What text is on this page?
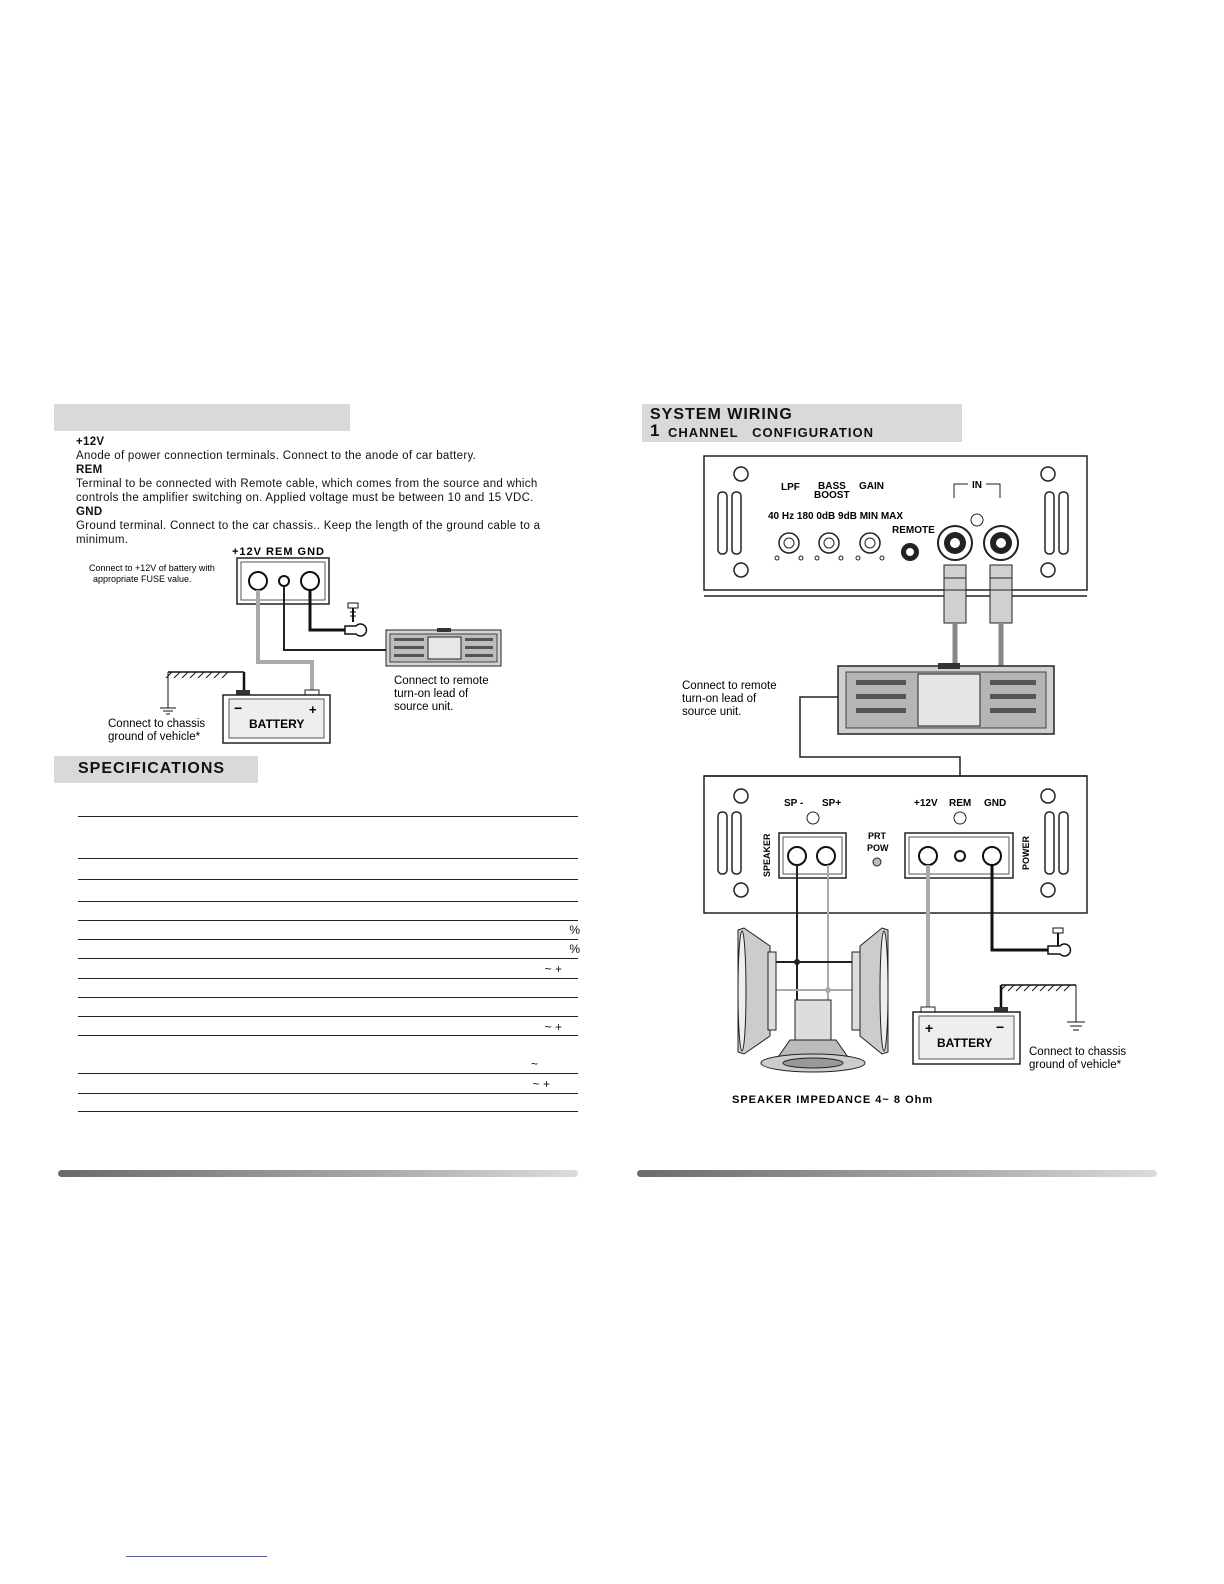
+12V
Anode of power connection terminals. Connect to the anode of car battery.
REM
Terminal to be connected with Remote cable, which comes from the source and which controls the amplifier switching on. Applied voltage must be between 10 and 15 VDC.
GND
Ground terminal. Connect to the car chassis.. Keep the length of the ground cable to a minimum.
+12V REM GND
Connect to +12V of battery with
appropriate FUSE value.
Connect to remote
turn-on lead of
source unit.
−	+
BATTERY
Connect to chassis
ground of vehicle*
SPECIFICATIONS
%
%
~ +
~ +
~
~ +
SYSTEM WIRING
1 CHANNEL   CONFIGURATION
LPF BASS
BOOST
GAIN
40 Hz 180 0dB 9dB MIN MAX
REMOTE
IN
Connect to remote
turn-on lead of
source unit.
SP - SP+	+12V REM GND
SPEAKER	PRT
POW	POWER
+	−
BATTERY
Connect to chassis
ground of vehicle*
SPEAKER IMPEDANCE 4~ 8 Ohm
